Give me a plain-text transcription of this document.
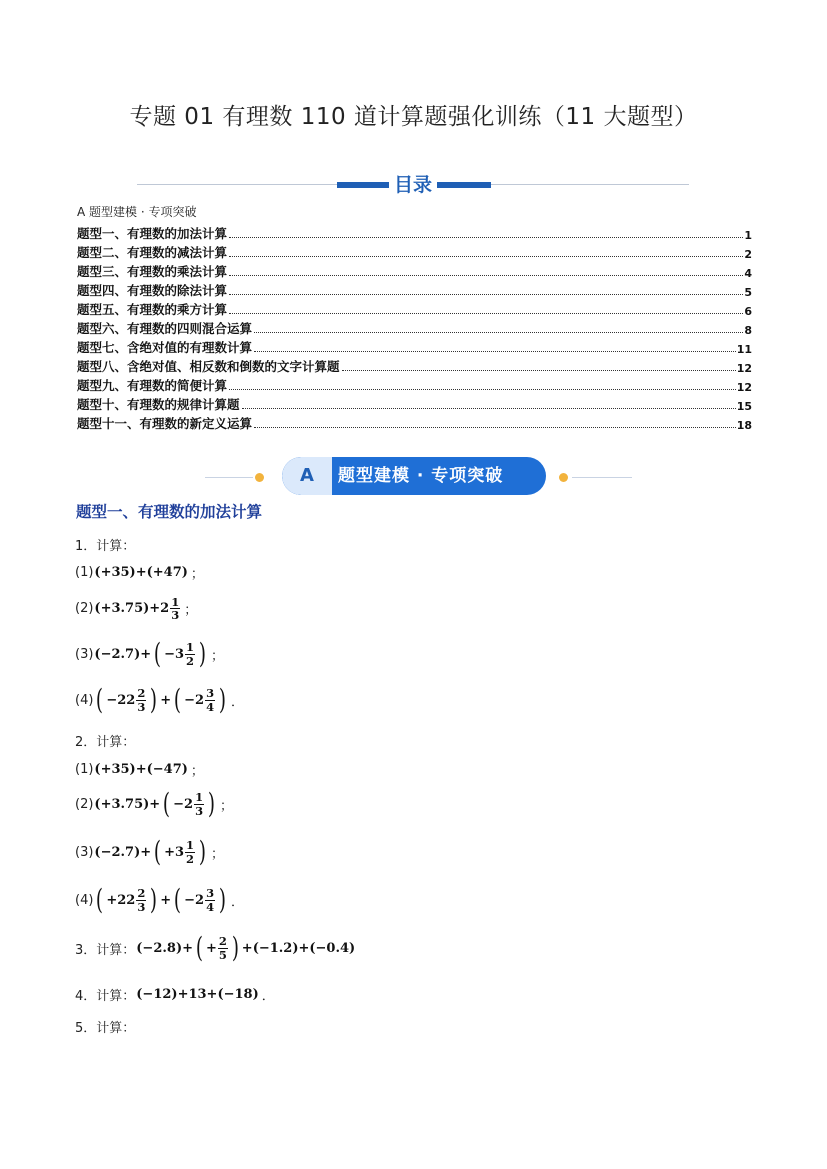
专题 01 有理数 110 道计算题强化训练（11 大题型）
目录
A 题型建模 · 专项突破
题型一、有理数的加法计算	1
题型二、有理数的减法计算	2
题型三、有理数的乘法计算	4
题型四、有理数的除法计算	5
题型五、有理数的乘方计算	6
题型六、有理数的四则混合运算	8
题型七、含绝对值的有理数计算	11
题型八、含绝对值、相反数和倒数的文字计算题	12
题型九、有理数的简便计算	12
题型十、有理数的规律计算题	15
题型十一、有理数的新定义运算	18
A	题型建模 · 专项突破
题型一、有理数的加法计算
1．计算：
(1) (+35)+(+47) ；
(2) $(+3.75)+2 \frac{1}{3}$ ；
(3) (−2.7)+ ( $-3 \frac{1}{2}$ ) ；
(4) ( $-22 \frac{2}{3}$ ) + ( $-2 \frac{3}{4}$ ) ．
2．计算：
(1) (+35)+(−47) ；
(2) (+3.75)+ ( $-2 \frac{1}{3}$ ) ；
(3) (−2.7)+ ( $+3 \frac{1}{2}$ ) ；
(4) ( $+22 \frac{2}{3}$ ) + ( $-2 \frac{3}{4}$ ) ．
3．计算： (−2.8)+ ( + $\frac{2}{5}$ ) +(−1.2)+(−0.4)
4．计算： (−12)+13+(−18) ．
5．计算：
